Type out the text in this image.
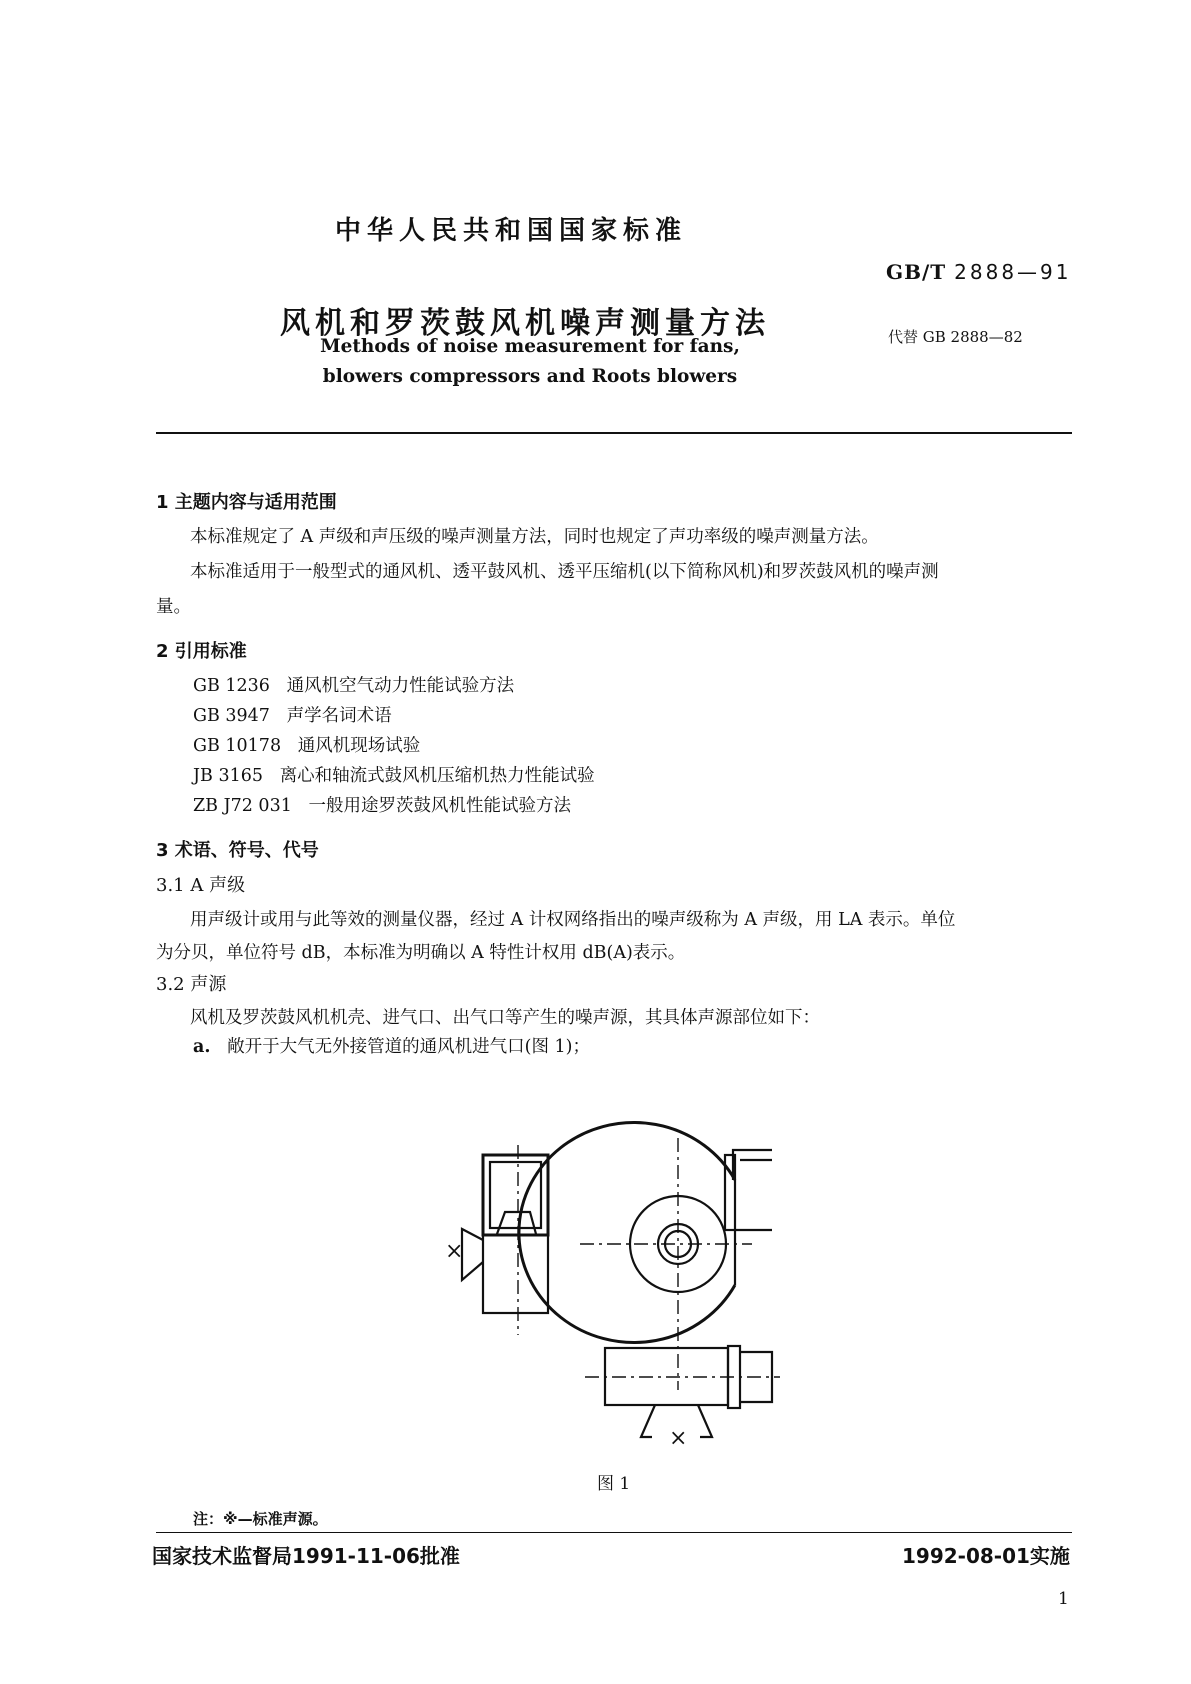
中华人民共和国国家标准
GB/T 2888—91
风机和罗茨鼓风机噪声测量方法	代替 GB 2888—82
Methods of noise measurement for fans,
blowers compressors and Roots blowers
1 主题内容与适用范围
本标准规定了 A 声级和声压级的噪声测量方法，同时也规定了声功率级的噪声测量方法。
本标准适用于一般型式的通风机、透平鼓风机、透平压缩机(以下简称风机)和罗茨鼓风机的噪声测
量。
2 引用标准
GB 1236 通风机空气动力性能试验方法
GB 3947 声学名词术语
GB 10178 通风机现场试验
JB 3165 离心和轴流式鼓风机压缩机热力性能试验
ZB J72 031 一般用途罗茨鼓风机性能试验方法
3 术语、符号、代号
3.1 A 声级
用声级计或用与此等效的测量仪器，经过 A 计权网络指出的噪声级称为 A 声级，用 LA 表示。单位
为分贝，单位符号 dB，本标准为明确以 A 特性计权用 dB(A)表示。
3.2 声源
风机及罗茨鼓风机机壳、进气口、出气口等产生的噪声源，其具体声源部位如下：
a. 敞开于大气无外接管道的通风机进气口(图 1)；
×
×
图 1
注：※—标准声源。
国家技术监督局1991-11-06批准	1992-08-01实施
1
